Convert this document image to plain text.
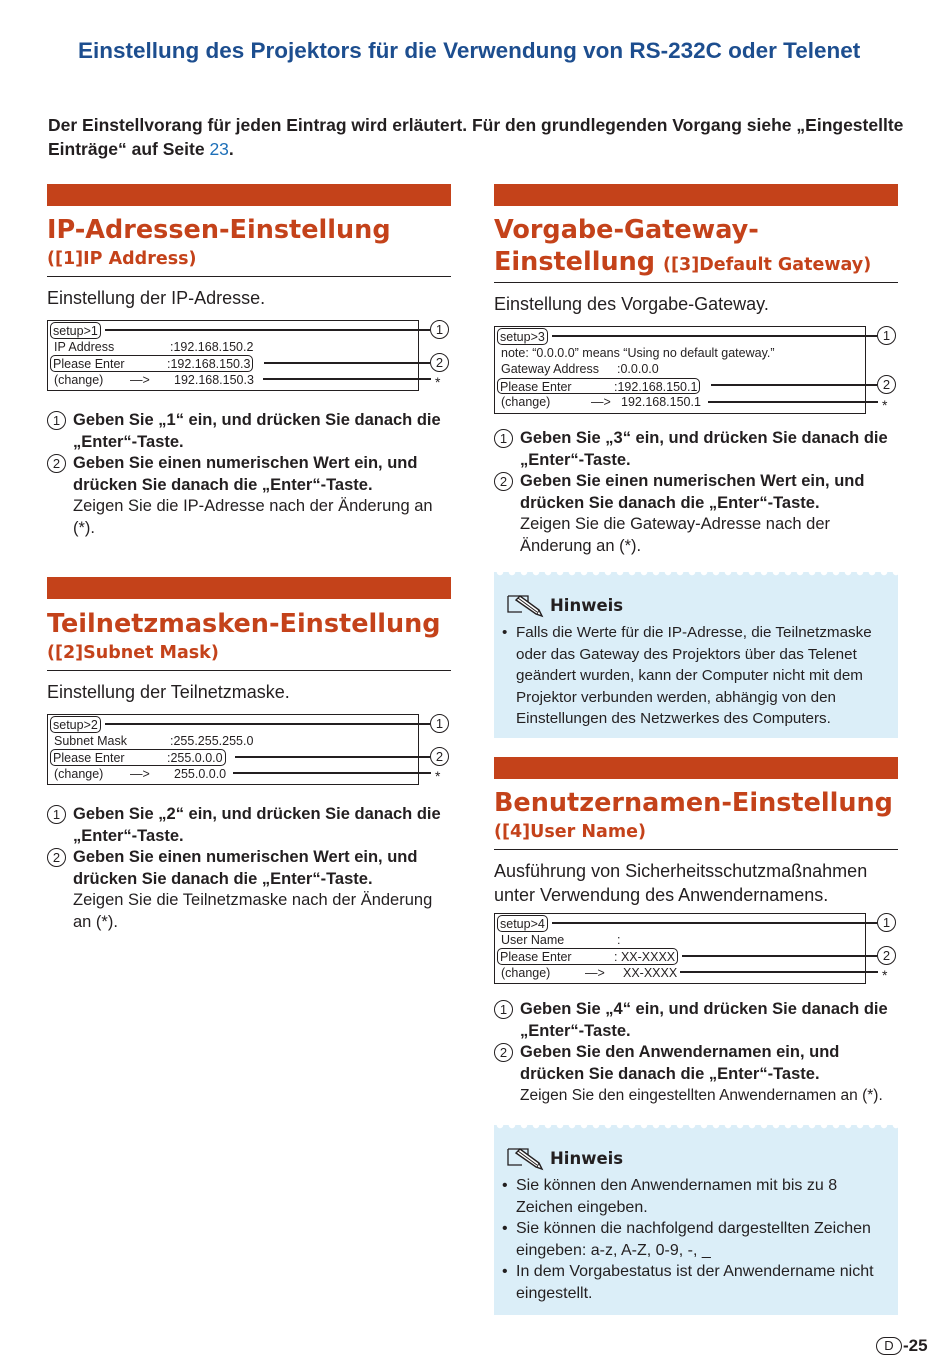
Einstellung des Projektors für die Verwendung von RS-232C oder Telenet
Der Einstellvorang für jeden Eintrag wird erläutert. Für den grundlegenden Vorgang siehe „Eingestellte Einträge“ auf Seite 23.
IP-Adressen-Einstellung
([1]IP Address)
Einstellung der IP-Adresse.
setup>1
IP Address	:192.168.150.2
Please Enter	:192.168.150.3
(change)	—>	192.168.150.3
1
2
*
1 Geben Sie „1“ ein, und drücken Sie danach die „Enter“-Taste.
2 Geben Sie einen numerischen Wert ein, und drücken Sie danach die „Enter“-Taste.
Zeigen Sie die IP-Adresse nach der Änderung an (*).
Teilnetzmasken-Einstellung
([2]Subnet Mask)
Einstellung der Teilnetzmaske.
setup>2
Subnet Mask	:255.255.255.0
Please Enter	:255.0.0.0
(change)	—>	255.0.0.0
1
2
*
1 Geben Sie „2“ ein, und drücken Sie danach die „Enter“-Taste.
2 Geben Sie einen numerischen Wert ein, und drücken Sie danach die „Enter“-Taste.
Zeigen Sie die Teilnetzmaske nach der Änderung an (*).
Vorgabe-Gateway-
Einstellung ([3]Default Gateway)
Einstellung des Vorgabe-Gateway.
setup>3
note: “0.0.0.0” means “Using no default gateway.”
Gateway Address	:0.0.0.0
Please Enter	:192.168.150.1
(change)	—> 192.168.150.1
1
2
*
1 Geben Sie „3“ ein, und drücken Sie danach die „Enter“-Taste.
2 Geben Sie einen numerischen Wert ein, und drücken Sie danach die „Enter“-Taste.
Zeigen Sie die Gateway-Adresse nach der Änderung an (*).
Hinweis
• Falls die Werte für die IP-Adresse, die Teilnetzmaske oder das Gateway des Projektors über das Telenet geändert wurden, kann der Computer nicht mit dem Projektor verbunden werden, abhängig von den Einstellungen des Netzwerkes des Computers.
Benutzernamen-Einstellung
([4]User Name)
Ausführung von Sicherheitsschutzmaßnahmen unter Verwendung des Anwendernamens.
setup>4
User Name	:
Please Enter	: XX-XXXX
(change)	—>	XX-XXXX
1
2
*
1 Geben Sie „4“ ein, und drücken Sie danach die „Enter“-Taste.
2 Geben Sie den Anwendernamen ein, und drücken Sie danach die „Enter“-Taste.
Zeigen Sie den eingestellten Anwendernamen an (*).
Hinweis
• Sie können den Anwendernamen mit bis zu 8 Zeichen eingeben.
• Sie können die nachfolgend dargestellten Zeichen eingeben: a-z, A-Z, 0-9, -, _
• In dem Vorgabestatus ist der Anwendername nicht eingestellt.
D -25
